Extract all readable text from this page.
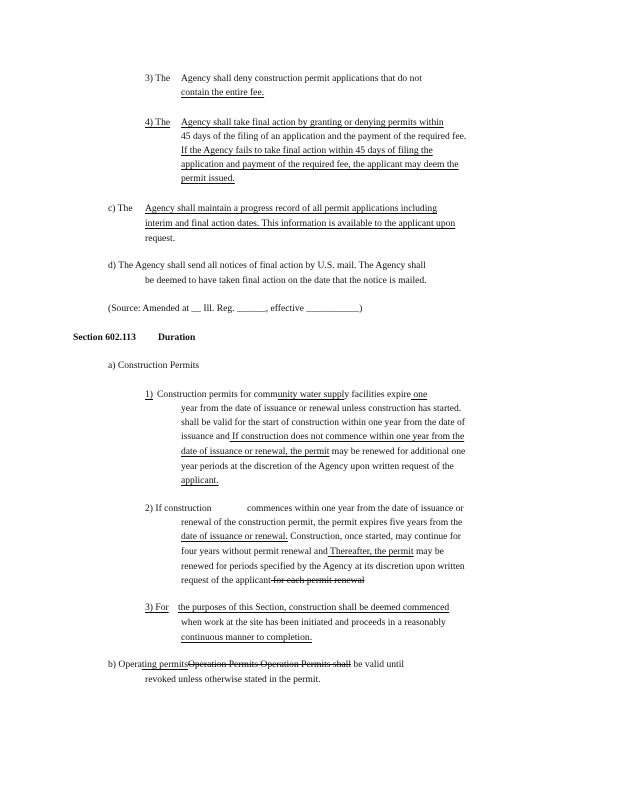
3) The Agency shall deny construction permit applications that do not
contain the entire fee.
4) The Agency shall take final action by granting or denying permits within
45 days of the filing of an application and the payment of the required fee.
If the Agency fails to take final action within 45 days of filing the
application and payment of the required fee, the applicant may deem the
permit issued.
c) The Agency shall maintain a progress record of all permit applications including
interim and final action dates. This information is available to the applicant upon
request.
d) The Agency shall send all notices of final action by U.S. mail. The Agency shall
be deemed to have taken final action on the date that the notice is mailed.
(Source: Amended at __ Ill. Reg. ______, effective ___________)
Section 602.113 Duration
a) Construction Permits
1) Construction permits for community water supply facilities expire one
year from the date of issuance or renewal unless construction has started.
shall be valid for the start of construction within one year from the date of
issuance and If construction does not commence within one year from the
date of issuance or renewal, the permit may be renewed for additional one
year periods at the discretion of the Agency upon written request of the
applicant.
2) If construction	commences within one year from the date of issuance or
renewal of the construction permit, the permit expires five years from the
date of issuance or renewal. Construction, once started, may continue for
four years without permit renewal and Thereafter, the permit may be
renewed for periods specified by the Agency at its discretion upon written
request of the applicant for each permit renewal
3) For the purposes of this Section, construction shall be deemed commenced
when work at the site has been initiated and proceeds in a reasonably
continuous manner to completion.
b) Operating permitsOperation Permits Operation Permits shall be valid until
revoked unless otherwise stated in the permit.
